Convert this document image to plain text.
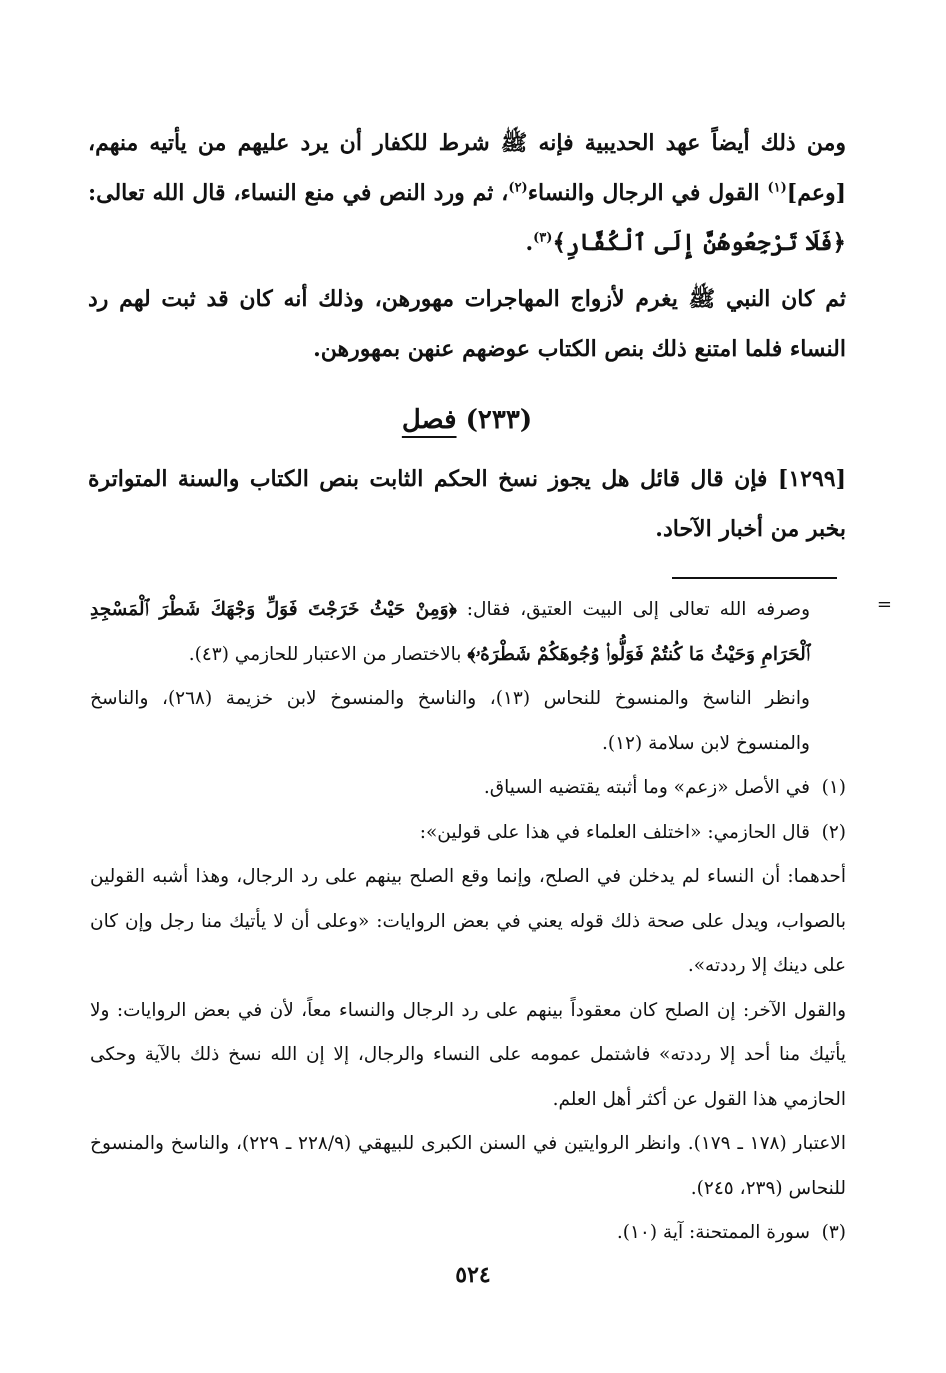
ومن ذلك أيضاً عهد الحديبية فإنه ﷺ شرط للكفار أن يرد عليهم من يأتيه منهم، [وعم]$^{(١)}$ القول في الرجال والنساء$^{(٢)}$، ثم ورد النص في منع النساء، قال الله تعالى: ﴿فَلَا تَرْجِعُوهُنَّ إِلَى ٱلْكُفَّارِ﴾$^{(٣)}$.

ثم كان النبي ﷺ يغرم لأزواج المهاجرات مهورهن، وذلك أنه كان قد ثبت لهم رد النساء فلما امتنع ذلك بنص الكتاب عوضهم عنهن بمهورهن.

(٢٣٣) فصل

[١٢٩٩] فإن قال قائل هل يجوز نسخ الحكم الثابت بنص الكتاب والسنة المتواترة بخبر من أخبار الآحاد.

=
وصرفه الله تعالى إلى البيت العتيق، فقال: ﴿وَمِنْ حَيْثُ خَرَجْتَ فَوَلِّ وَجْهَكَ شَطْرَ ٱلْمَسْجِدِ ٱلْحَرَامِ وَحَيْثُ مَا كُنتُمْ فَوَلُّوا۟ وُجُوهَكُمْ شَطْرَهُۥ﴾ بالاختصار من الاعتبار للحازمي (٤٣).
وانظر الناسخ والمنسوخ للنحاس (١٣)، والناسخ والمنسوخ لابن خزيمة (٢٦٨)، والناسخ والمنسوخ لابن سلامة (١٢).
(١)
في الأصل «زعم» وما أثبته يقتضيه السياق.
(٢)
قال الحازمي: «اختلف العلماء في هذا على قولين»:
أحدهما: أن النساء لم يدخلن في الصلح، وإنما وقع الصلح بينهم على رد الرجال، وهذا أشبه القولين بالصواب، ويدل على صحة ذلك قوله يعني في بعض الروايات: «وعلى أن لا يأتيك منا رجل وإن كان على دينك إلا رددته».
والقول الآخر: إن الصلح كان معقوداً بينهم على رد الرجال والنساء معاً، لأن في بعض الروايات: ولا يأتيك منا أحد إلا رددته» فاشتمل عمومه على النساء والرجال، إلا إن الله نسخ ذلك بالآية وحكى الحازمي هذا القول عن أكثر أهل العلم.
الاعتبار (١٧٨ ـ ١٧٩). وانظر الروايتين في السنن الكبرى للبيهقي (٢٢٨/٩ ـ ٢٢٩)، والناسخ والمنسوخ للنحاس (٢٣٩، ٢٤٥).
(٣)
سورة الممتحنة: آية (١٠).
٥٢٤
